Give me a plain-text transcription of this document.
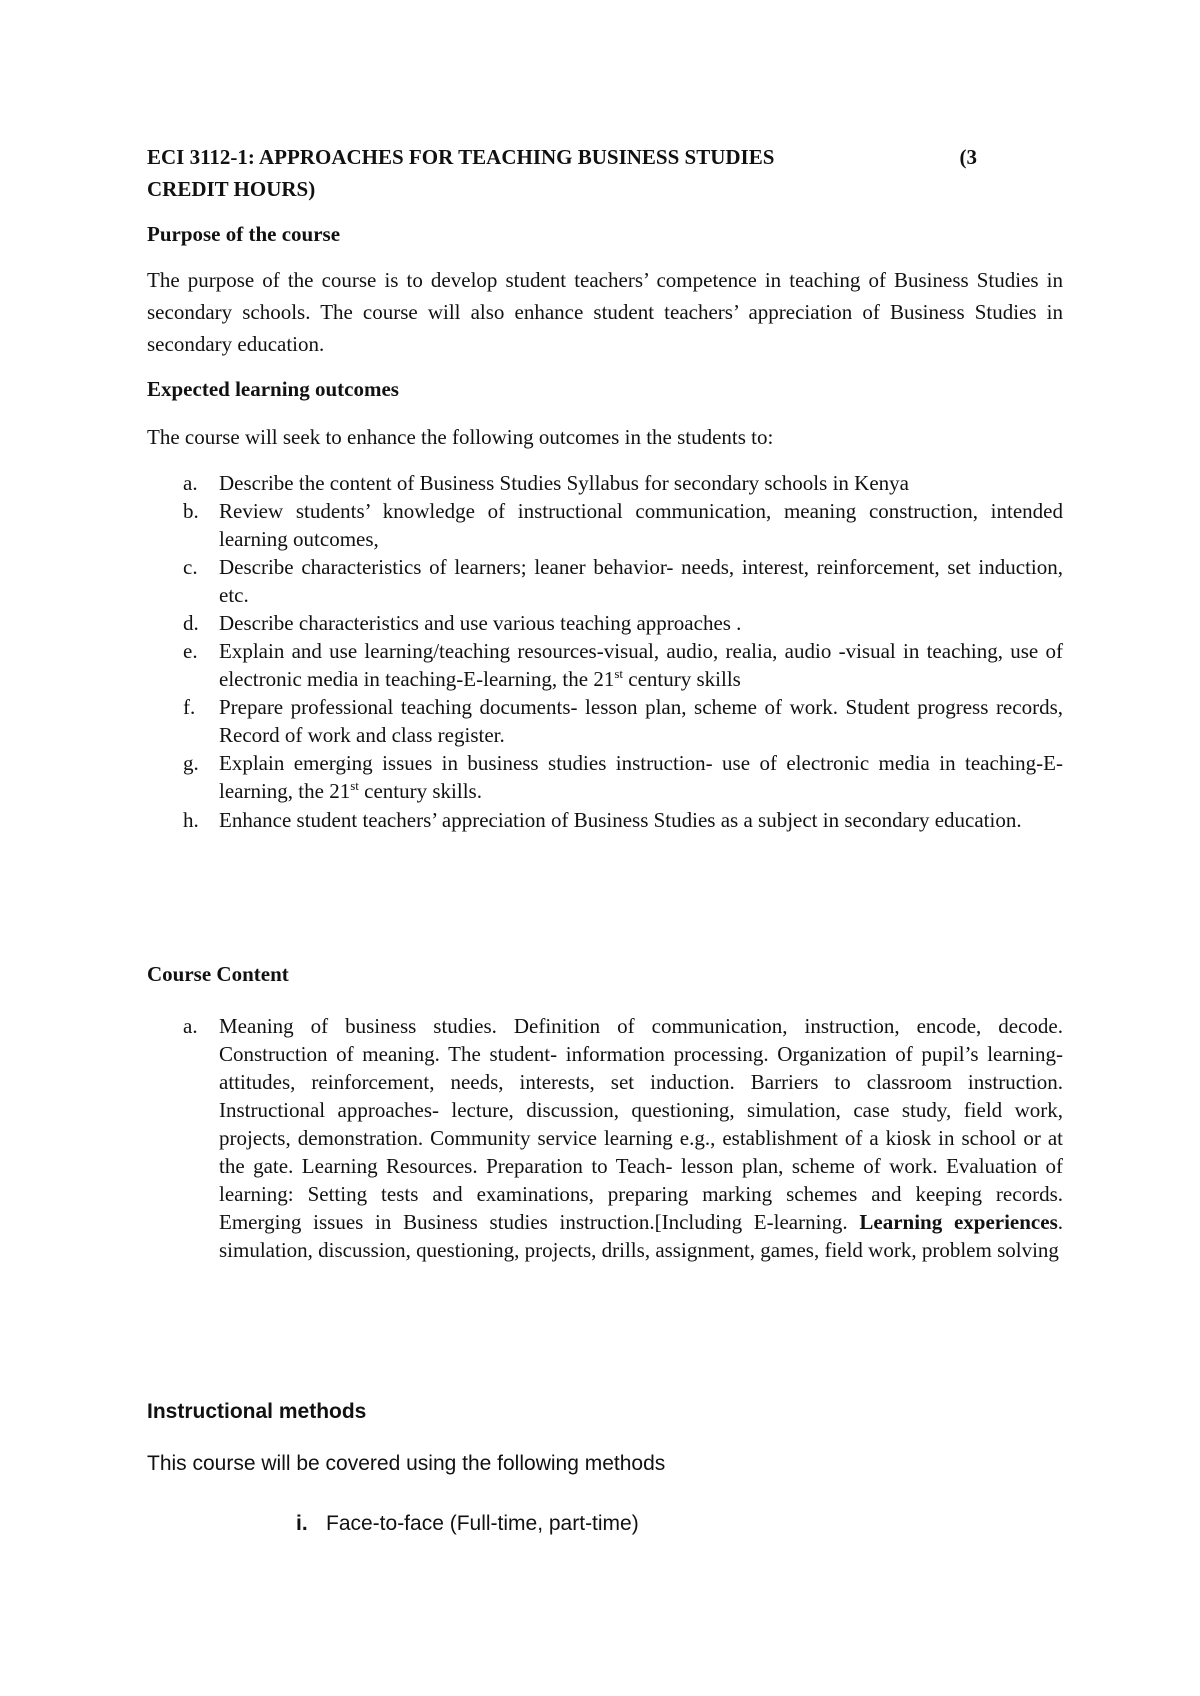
ECI 3112-1: APPROACHES FOR TEACHING BUSINESS STUDIES	(3
CREDIT HOURS)
Purpose of the course

The purpose of the course is to develop student teachers’ competence in teaching of Business Studies in secondary schools. The course will also enhance student teachers’ appreciation of Business Studies in secondary education.

Expected learning outcomes

The course will seek to enhance the following outcomes in the students to:

a. Describe the content of Business Studies Syllabus for secondary schools in Kenya
b. Review students’ knowledge of instructional communication, meaning construction, intended learning outcomes,
c. Describe characteristics of learners; leaner behavior- needs, interest, reinforcement, set induction, etc.
d. Describe characteristics and use various teaching approaches .
e. Explain and use learning/teaching resources-visual, audio, realia, audio -visual in teaching, use of electronic media in teaching-E-learning, the 21st century skills
f. Prepare professional teaching documents- lesson plan, scheme of work. Student progress records, Record of work and class register.
g. Explain emerging issues in business studies instruction- use of electronic media in teaching-E-learning, the 21st century skills.
h. Enhance student teachers’ appreciation of Business Studies as a subject in secondary education.
Course Content
a. Meaning of business studies. Definition of communication, instruction, encode, decode. Construction of meaning. The student- information processing. Organization of pupil’s learning- attitudes, reinforcement, needs, interests, set induction. Barriers to classroom instruction. Instructional approaches- lecture, discussion, questioning, simulation, case study, field work, projects, demonstration. Community service learning e.g., establishment of a kiosk in school or at the gate. Learning Resources. Preparation to Teach- lesson plan, scheme of work. Evaluation of learning: Setting tests and examinations, preparing marking schemes and keeping records. Emerging issues in Business studies instruction.[Including E-learning. Learning experiences. simulation, discussion, questioning, projects, drills, assignment, games, field work, problem solving
Instructional methods

This course will be covered using the following methods

i. Face-to-face (Full-time, part-time)
